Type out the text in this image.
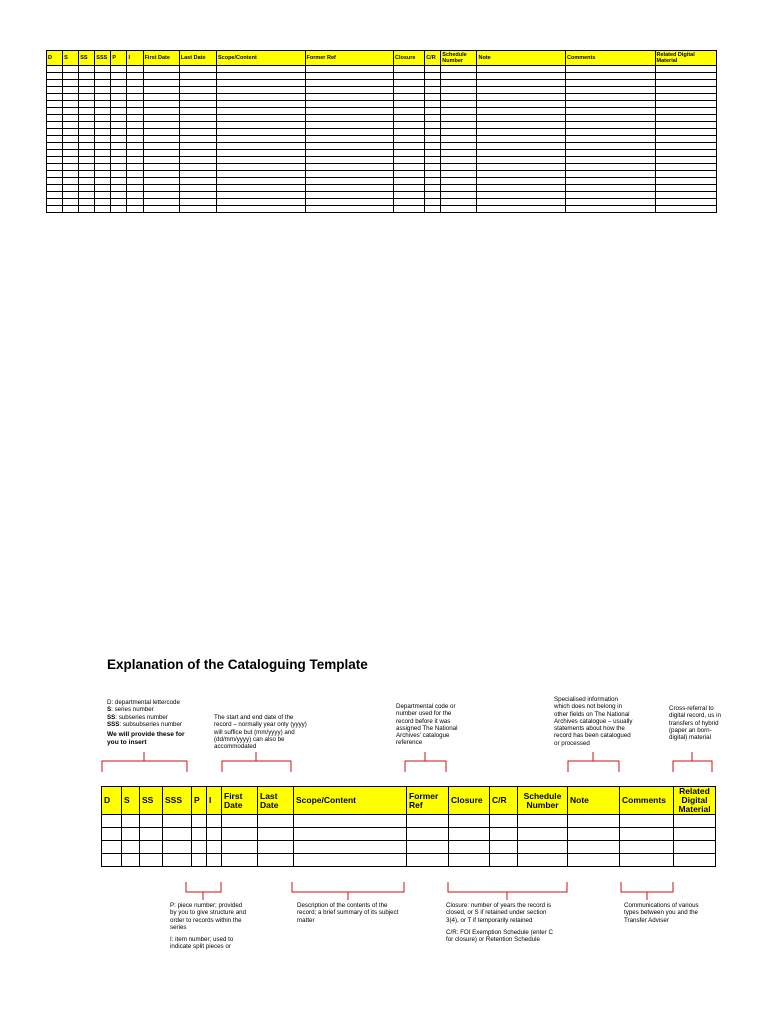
D	S	SS	SSS	P	I	First Date	Last Date	Scope/Content	Former Ref	Closure	C/R	Schedule Number	Note	Comments	Related Digital Material

Explanation of the Cataloguing Template
D: departmental lettercode
S: series number
SS: subseries number
SSS: subsubseries number
We will provide these for you to insert
The start and end date of the record – normally year only (yyyy) will suffice but (mm/yyyy) and (dd/mm/yyyy) can also be accommodated
Departmental code or number used for the record before it was assigned The National Archives' catalogue reference
Specialised information which does not belong in other fields on The National Archives catalogue – usually statements about how the record has been catalogued or processed
Cross-referral to digital record, us in transfers of hybrid (paper an born-digital) material
D	S	SS	SSS	P	I	First Date	Last Date	Scope/Content	Former Ref	Closure	C/R	Schedule Number	Note	Comments	Related Digital Material

P: piece number; provided by you to give structure and order to records within the series
I: item number; used to indicate split pieces or
Description of the contents of the record; a brief summary of its subject matter
Closure: number of years the record is closed, or S if retained under section 3(4), or T if temporarily retained
C/R: FOI Exemption Schedule (enter C for closure) or Retention Schedule
Communications of various types between you and the Transfer Adviser
